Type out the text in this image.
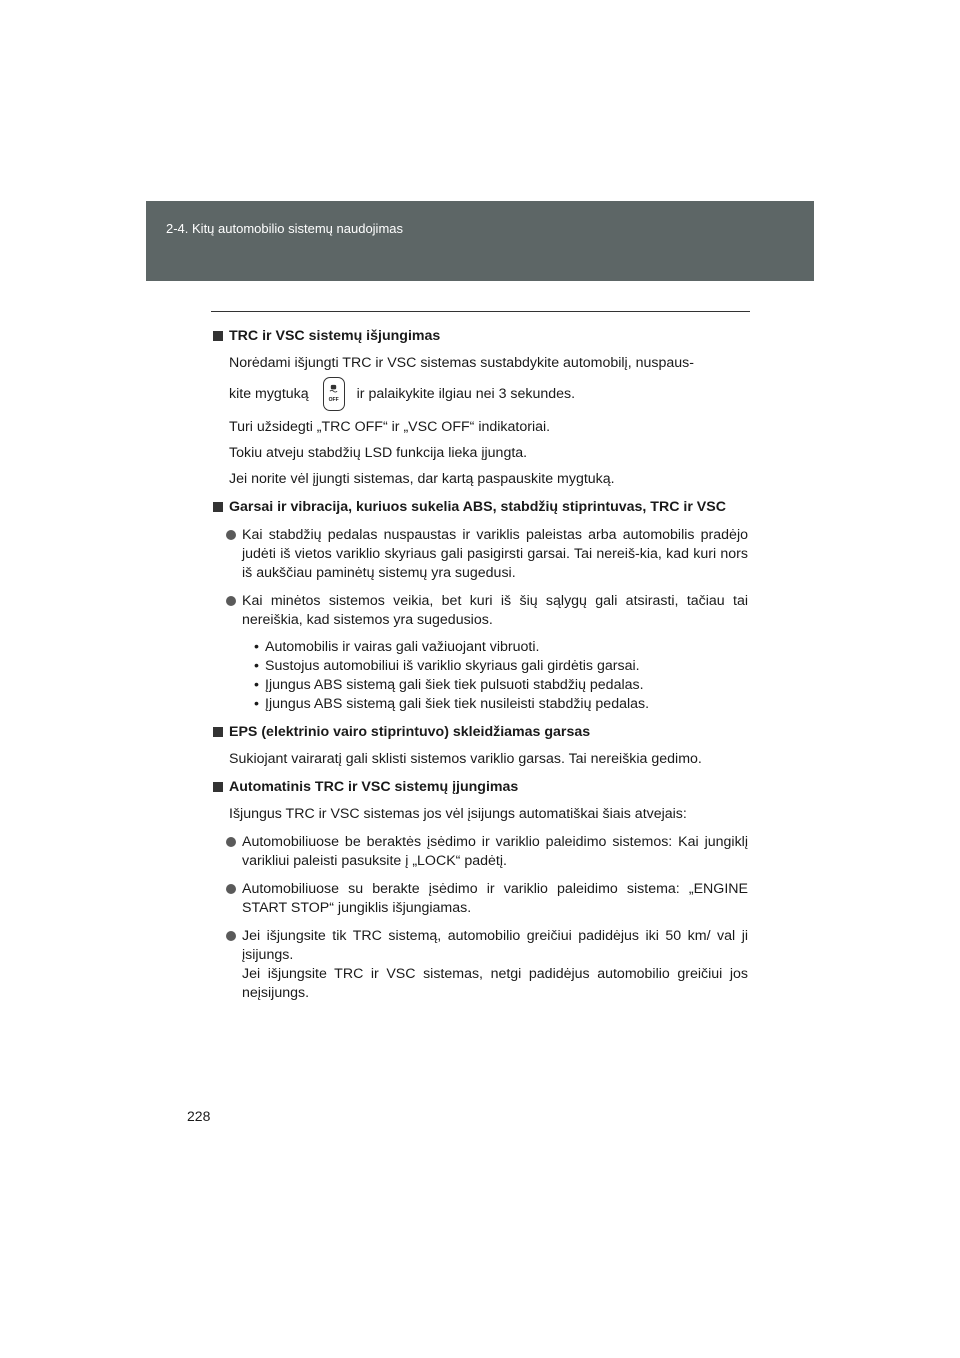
2-4. Kitų automobilio sistemų naudojimas
TRC ir VSC sistemų išjungimas
Norėdami išjungti TRC ir VSC sistemas sustabdykite automobilį, nuspaus-
kite mygtuką	OFF	ir palaikykite ilgiau nei 3 sekundes.
Turi užsidegti „TRC OFF“ ir „VSC OFF“ indikatoriai.
Tokiu atveju stabdžių LSD funkcija lieka įjungta.
Jei norite vėl įjungti sistemas, dar kartą paspauskite mygtuką.
Garsai ir vibracija, kuriuos sukelia ABS, stabdžių stiprintuvas, TRC ir VSC
Kai stabdžių pedalas nuspaustas ir variklis paleistas arba automobilis pradėjo judėti iš vietos variklio skyriaus gali pasigirsti garsai. Tai nereiš-kia, kad kuri nors iš aukščiau paminėtų sistemų yra sugedusi.
Kai minėtos sistemos veikia, bet kuri iš šių sąlygų gali atsirasti, tačiau tai nereiškia, kad sistemos yra sugedusios.
• Automobilis ir vairas gali važiuojant vibruoti.
• Sustojus automobiliui iš variklio skyriaus gali girdėtis garsai.
• Įjungus ABS sistemą gali šiek tiek pulsuoti stabdžių pedalas.
• Įjungus ABS sistemą gali šiek tiek nusileisti stabdžių pedalas.
EPS (elektrinio vairo stiprintuvo) skleidžiamas garsas
Sukiojant vairaratį gali sklisti sistemos variklio garsas. Tai nereiškia gedimo.
Automatinis TRC ir VSC sistemų įjungimas
Išjungus TRC ir VSC sistemas jos vėl įsijungs automatiškai šiais atvejais:
Automobiliuose be beraktės įsėdimo ir variklio paleidimo sistemos: Kai jungiklį varikliui paleisti pasuksite į „LOCK“ padėtį.
Automobiliuose su berakte įsėdimo ir variklio paleidimo sistema: „ENGINE START STOP“ jungiklis išjungiamas.
Jei išjungsite tik TRC sistemą, automobilio greičiui padidėjus iki 50 km/ val ji įsijungs.
Jei išjungsite TRC ir VSC sistemas, netgi padidėjus automobilio greičiui jos neįsijungs.
228
